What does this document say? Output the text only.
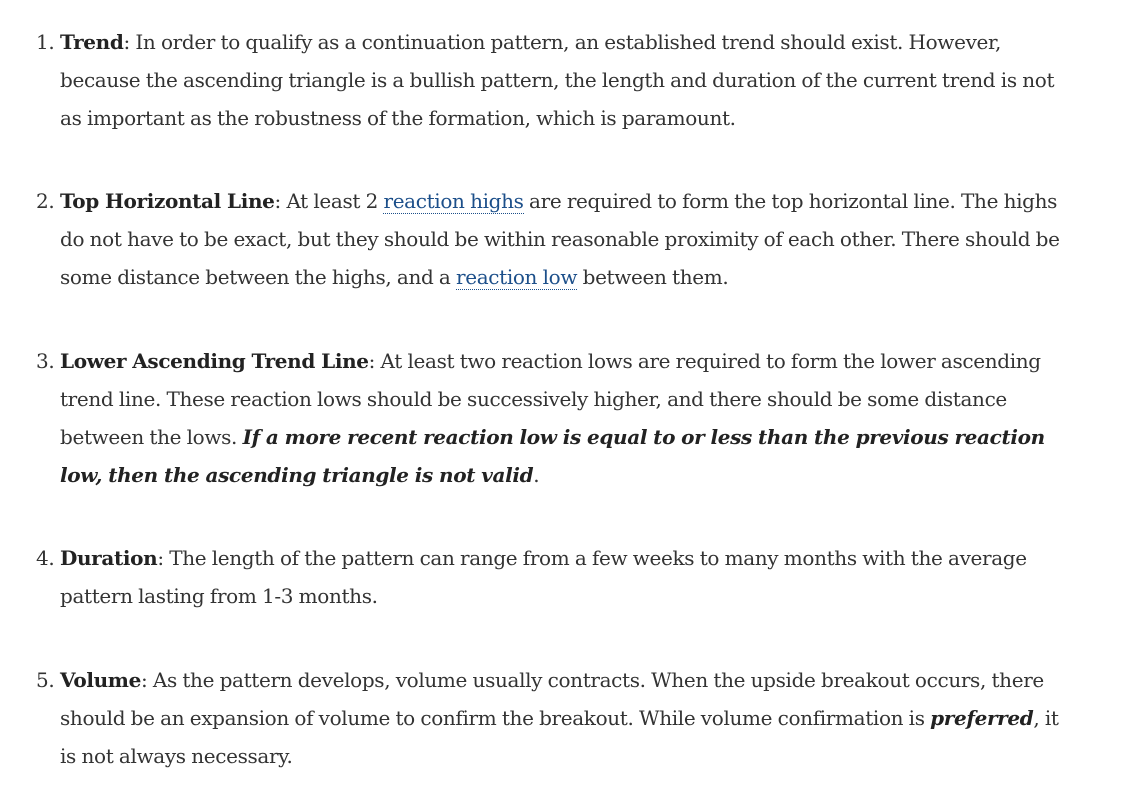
1. Trend: In order to qualify as a continuation pattern, an established trend should exist. However, because the ascending triangle is a bullish pattern, the length and duration of the current trend is not as important as the robustness of the formation, which is paramount.
2. Top Horizontal Line: At least 2 reaction highs are required to form the top horizontal line. The highs do not have to be exact, but they should be within reasonable proximity of each other. There should be some distance between the highs, and a reaction low between them.
3. Lower Ascending Trend Line: At least two reaction lows are required to form the lower ascending trend line. These reaction lows should be successively higher, and there should be some distance between the lows. If a more recent reaction low is equal to or less than the previous reaction low, then the ascending triangle is not valid.
4. Duration: The length of the pattern can range from a few weeks to many months with the average pattern lasting from 1-3 months.
5. Volume: As the pattern develops, volume usually contracts. When the upside breakout occurs, there should be an expansion of volume to confirm the breakout. While volume confirmation is preferred, it is not always necessary.
